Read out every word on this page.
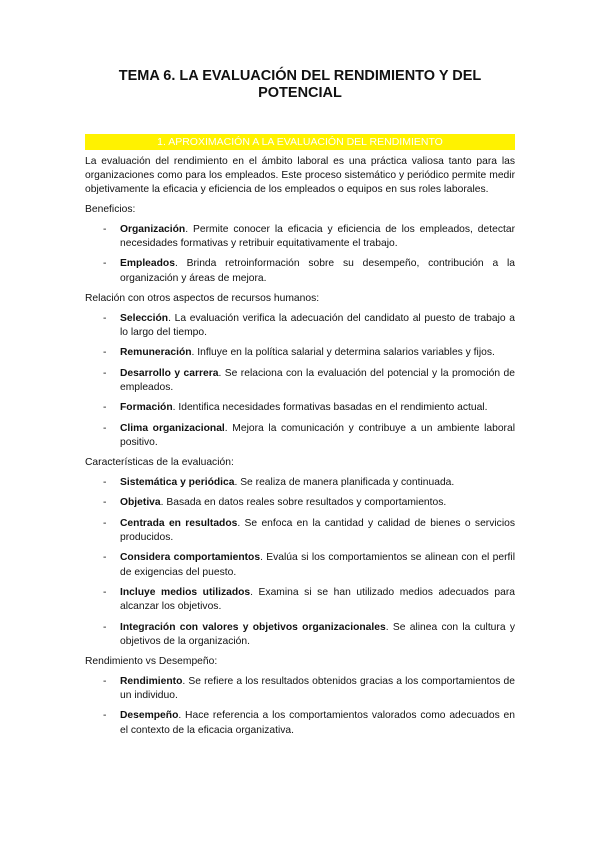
TEMA 6. LA EVALUACIÓN DEL RENDIMIENTO Y DEL
POTENCIAL
1. APROXIMACIÓN A LA EVALUACIÓN DEL RENDIMIENTO

La evaluación del rendimiento en el ámbito laboral es una práctica valiosa tanto para las organizaciones como para los empleados. Este proceso sistemático y periódico permite medir objetivamente la eficacia y eficiencia de los empleados o equipos en sus roles laborales.

Beneficios:

- Organización. Permite conocer la eficacia y eficiencia de los empleados, detectar necesidades formativas y retribuir equitativamente el trabajo.
- Empleados. Brinda retroinformación sobre su desempeño, contribución a la organización y áreas de mejora.

Relación con otros aspectos de recursos humanos:

- Selección. La evaluación verifica la adecuación del candidato al puesto de trabajo a lo largo del tiempo.
- Remuneración. Influye en la política salarial y determina salarios variables y fijos.
- Desarrollo y carrera. Se relaciona con la evaluación del potencial y la promoción de empleados.
- Formación. Identifica necesidades formativas basadas en el rendimiento actual.
- Clima organizacional. Mejora la comunicación y contribuye a un ambiente laboral positivo.

Características de la evaluación:

- Sistemática y periódica. Se realiza de manera planificada y continuada.
- Objetiva. Basada en datos reales sobre resultados y comportamientos.
- Centrada en resultados. Se enfoca en la cantidad y calidad de bienes o servicios producidos.
- Considera comportamientos. Evalúa si los comportamientos se alinean con el perfil de exigencias del puesto.
- Incluye medios utilizados. Examina si se han utilizado medios adecuados para alcanzar los objetivos.
- Integración con valores y objetivos organizacionales. Se alinea con la cultura y objetivos de la organización.

Rendimiento vs Desempeño:

- Rendimiento. Se refiere a los resultados obtenidos gracias a los comportamientos de un individuo.
- Desempeño. Hace referencia a los comportamientos valorados como adecuados en el contexto de la eficacia organizativa.
